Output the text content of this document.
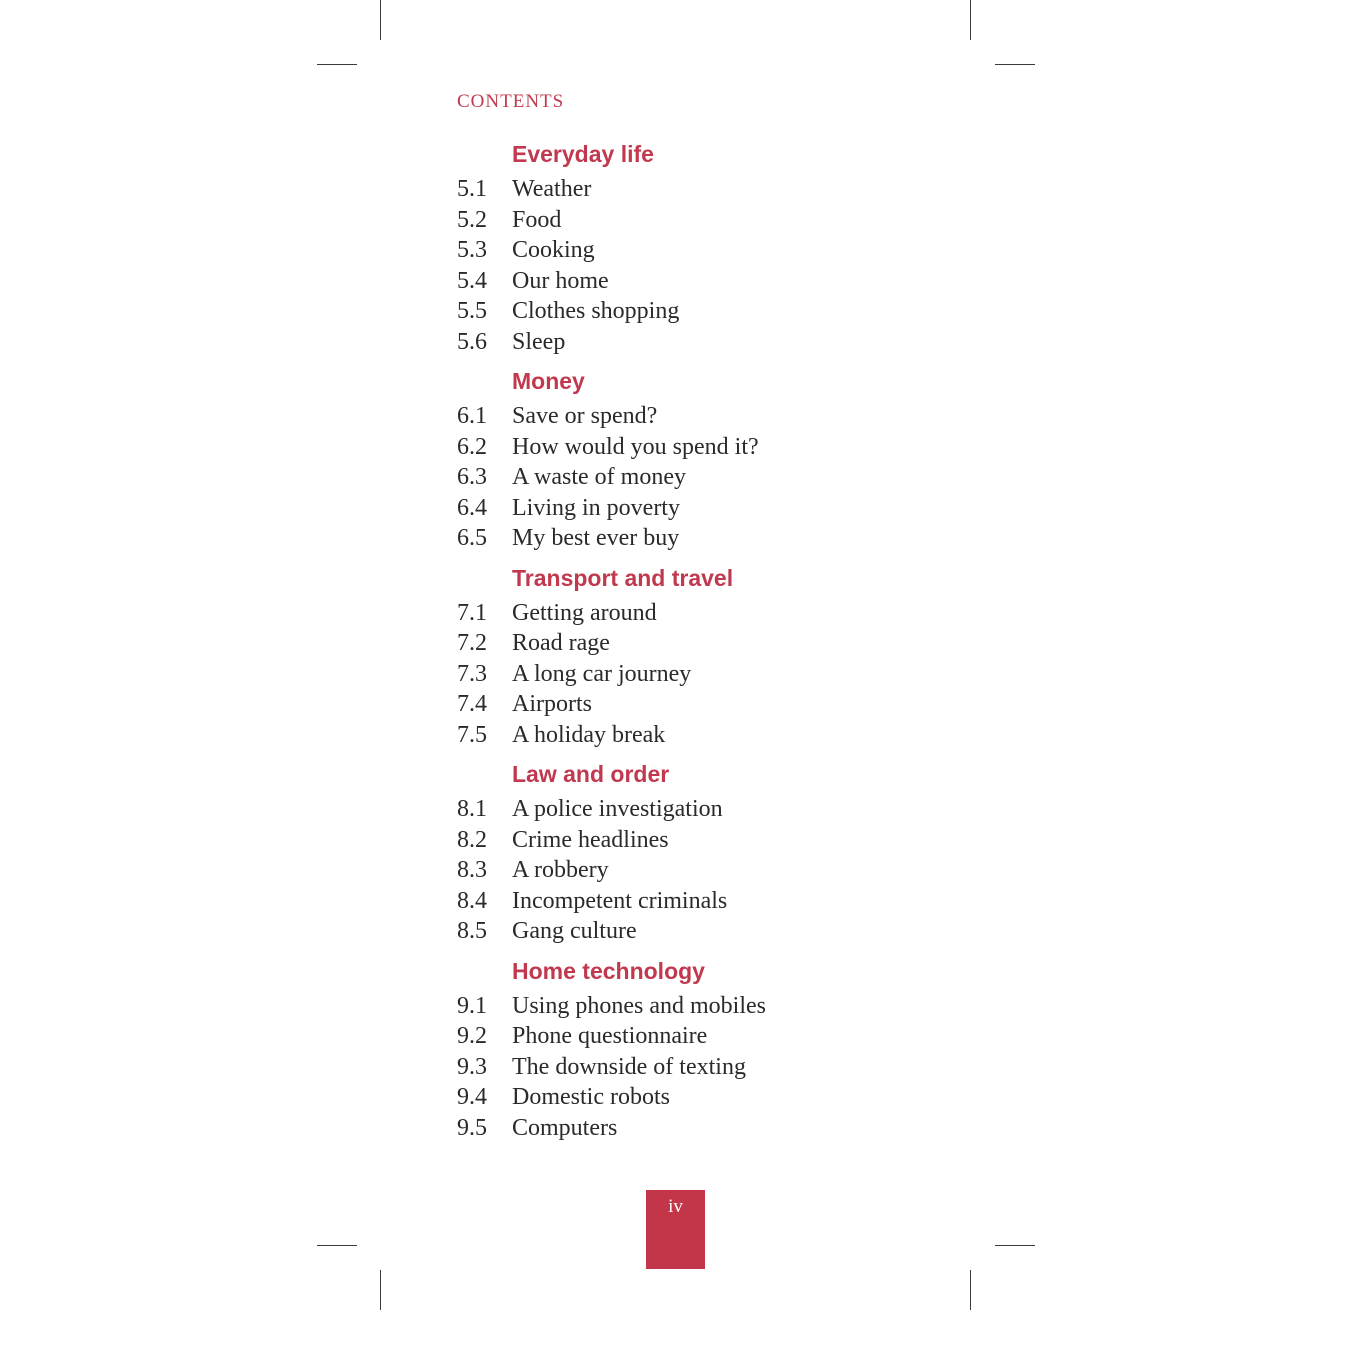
CONTENTS
Everyday life
5.1	Weather
5.2	Food
5.3	Cooking
5.4	Our home
5.5	Clothes shopping
5.6	Sleep
Money
6.1	Save or spend?
6.2	How would you spend it?
6.3	A waste of money
6.4	Living in poverty
6.5	My best ever buy
Transport and travel
7.1	Getting around
7.2	Road rage
7.3	A long car journey
7.4	Airports
7.5	A holiday break
Law and order
8.1	A police investigation
8.2	Crime headlines
8.3	A robbery
8.4	Incompetent criminals
8.5	Gang culture
Home technology
9.1	Using phones and mobiles
9.2	Phone questionnaire
9.3	The downside of texting
9.4	Domestic robots
9.5	Computers
iv
